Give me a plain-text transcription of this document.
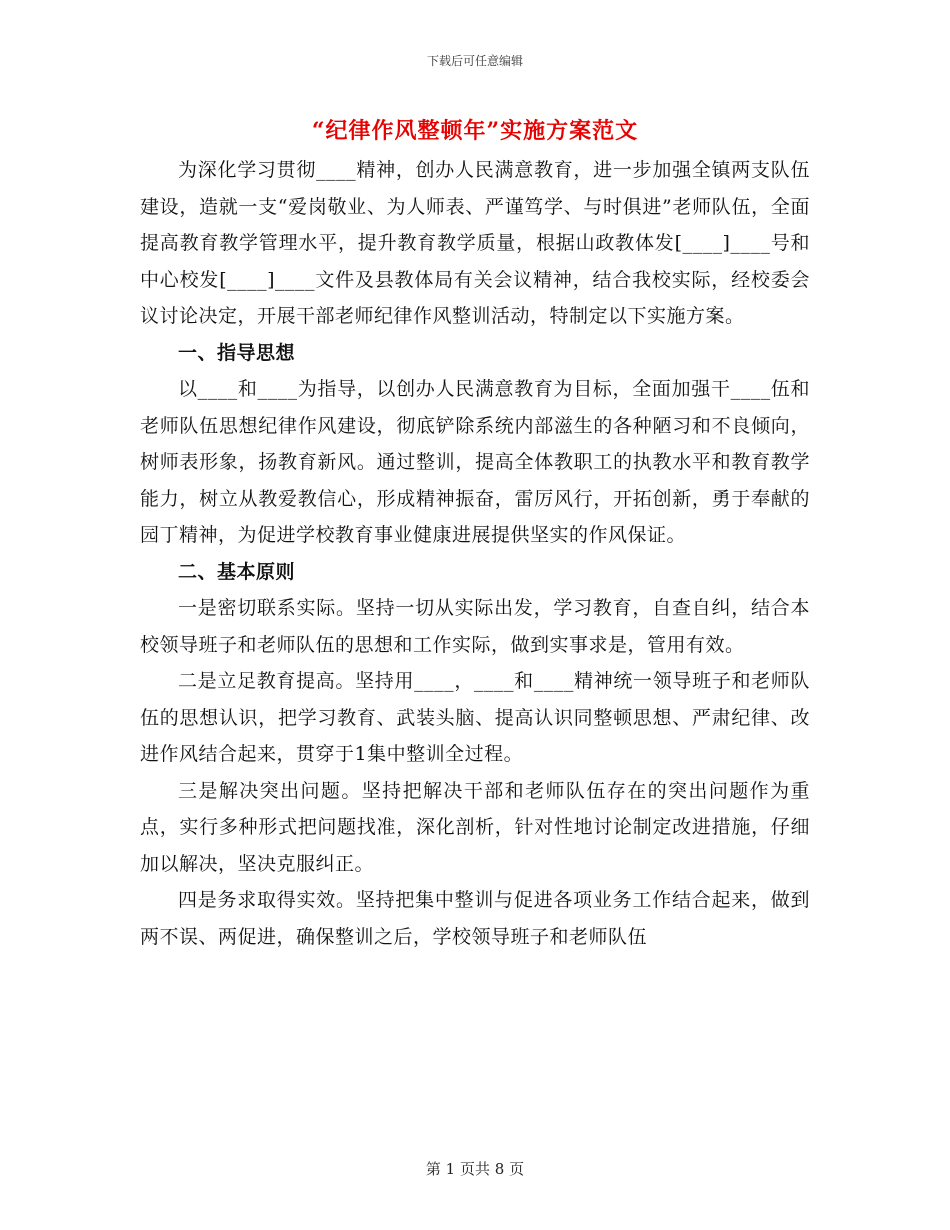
下载后可任意编辑
“纪律作风整顿年”实施方案范文

为深化学习贯彻____精神，创办人民满意教育，进一步加强全镇两支队伍建设，造就一支“爱岗敬业、为人师表、严谨笃学、与时俱进”老师队伍，全面提高教育教学管理水平，提升教育教学质量，根据山政教体发[____]____号和中心校发[____]____文件及县教体局有关会议精神，结合我校实际，经校委会议讨论决定，开展干部老师纪律作风整训活动，特制定以下实施方案。

一、指导思想

以____和____为指导，以创办人民满意教育为目标，全面加强干____伍和老师队伍思想纪律作风建设，彻底铲除系统内部滋生的各种陋习和不良倾向，树师表形象，扬教育新风。通过整训，提高全体教职工的执教水平和教育教学能力，树立从教爱教信心，形成精神振奋，雷厉风行，开拓创新，勇于奉献的园丁精神，为促进学校教育事业健康进展提供坚实的作风保证。

二、基本原则

一是密切联系实际。坚持一切从实际出发，学习教育，自查自纠，结合本校领导班子和老师队伍的思想和工作实际，做到实事求是，管用有效。

二是立足教育提高。坚持用____，____和____精神统一领导班子和老师队伍的思想认识，把学习教育、武装头脑、提高认识同整顿思想、严肃纪律、改进作风结合起来，贯穿于1集中整训全过程。

三是解决突出问题。坚持把解决干部和老师队伍存在的突出问题作为重点，实行多种形式把问题找准，深化剖析，针对性地讨论制定改进措施，仔细加以解决，坚决克服纠正。

四是务求取得实效。坚持把集中整训与促进各项业务工作结合起来，做到两不误、两促进，确保整训之后，学校领导班子和老师队伍

第 1 页共 8 页
